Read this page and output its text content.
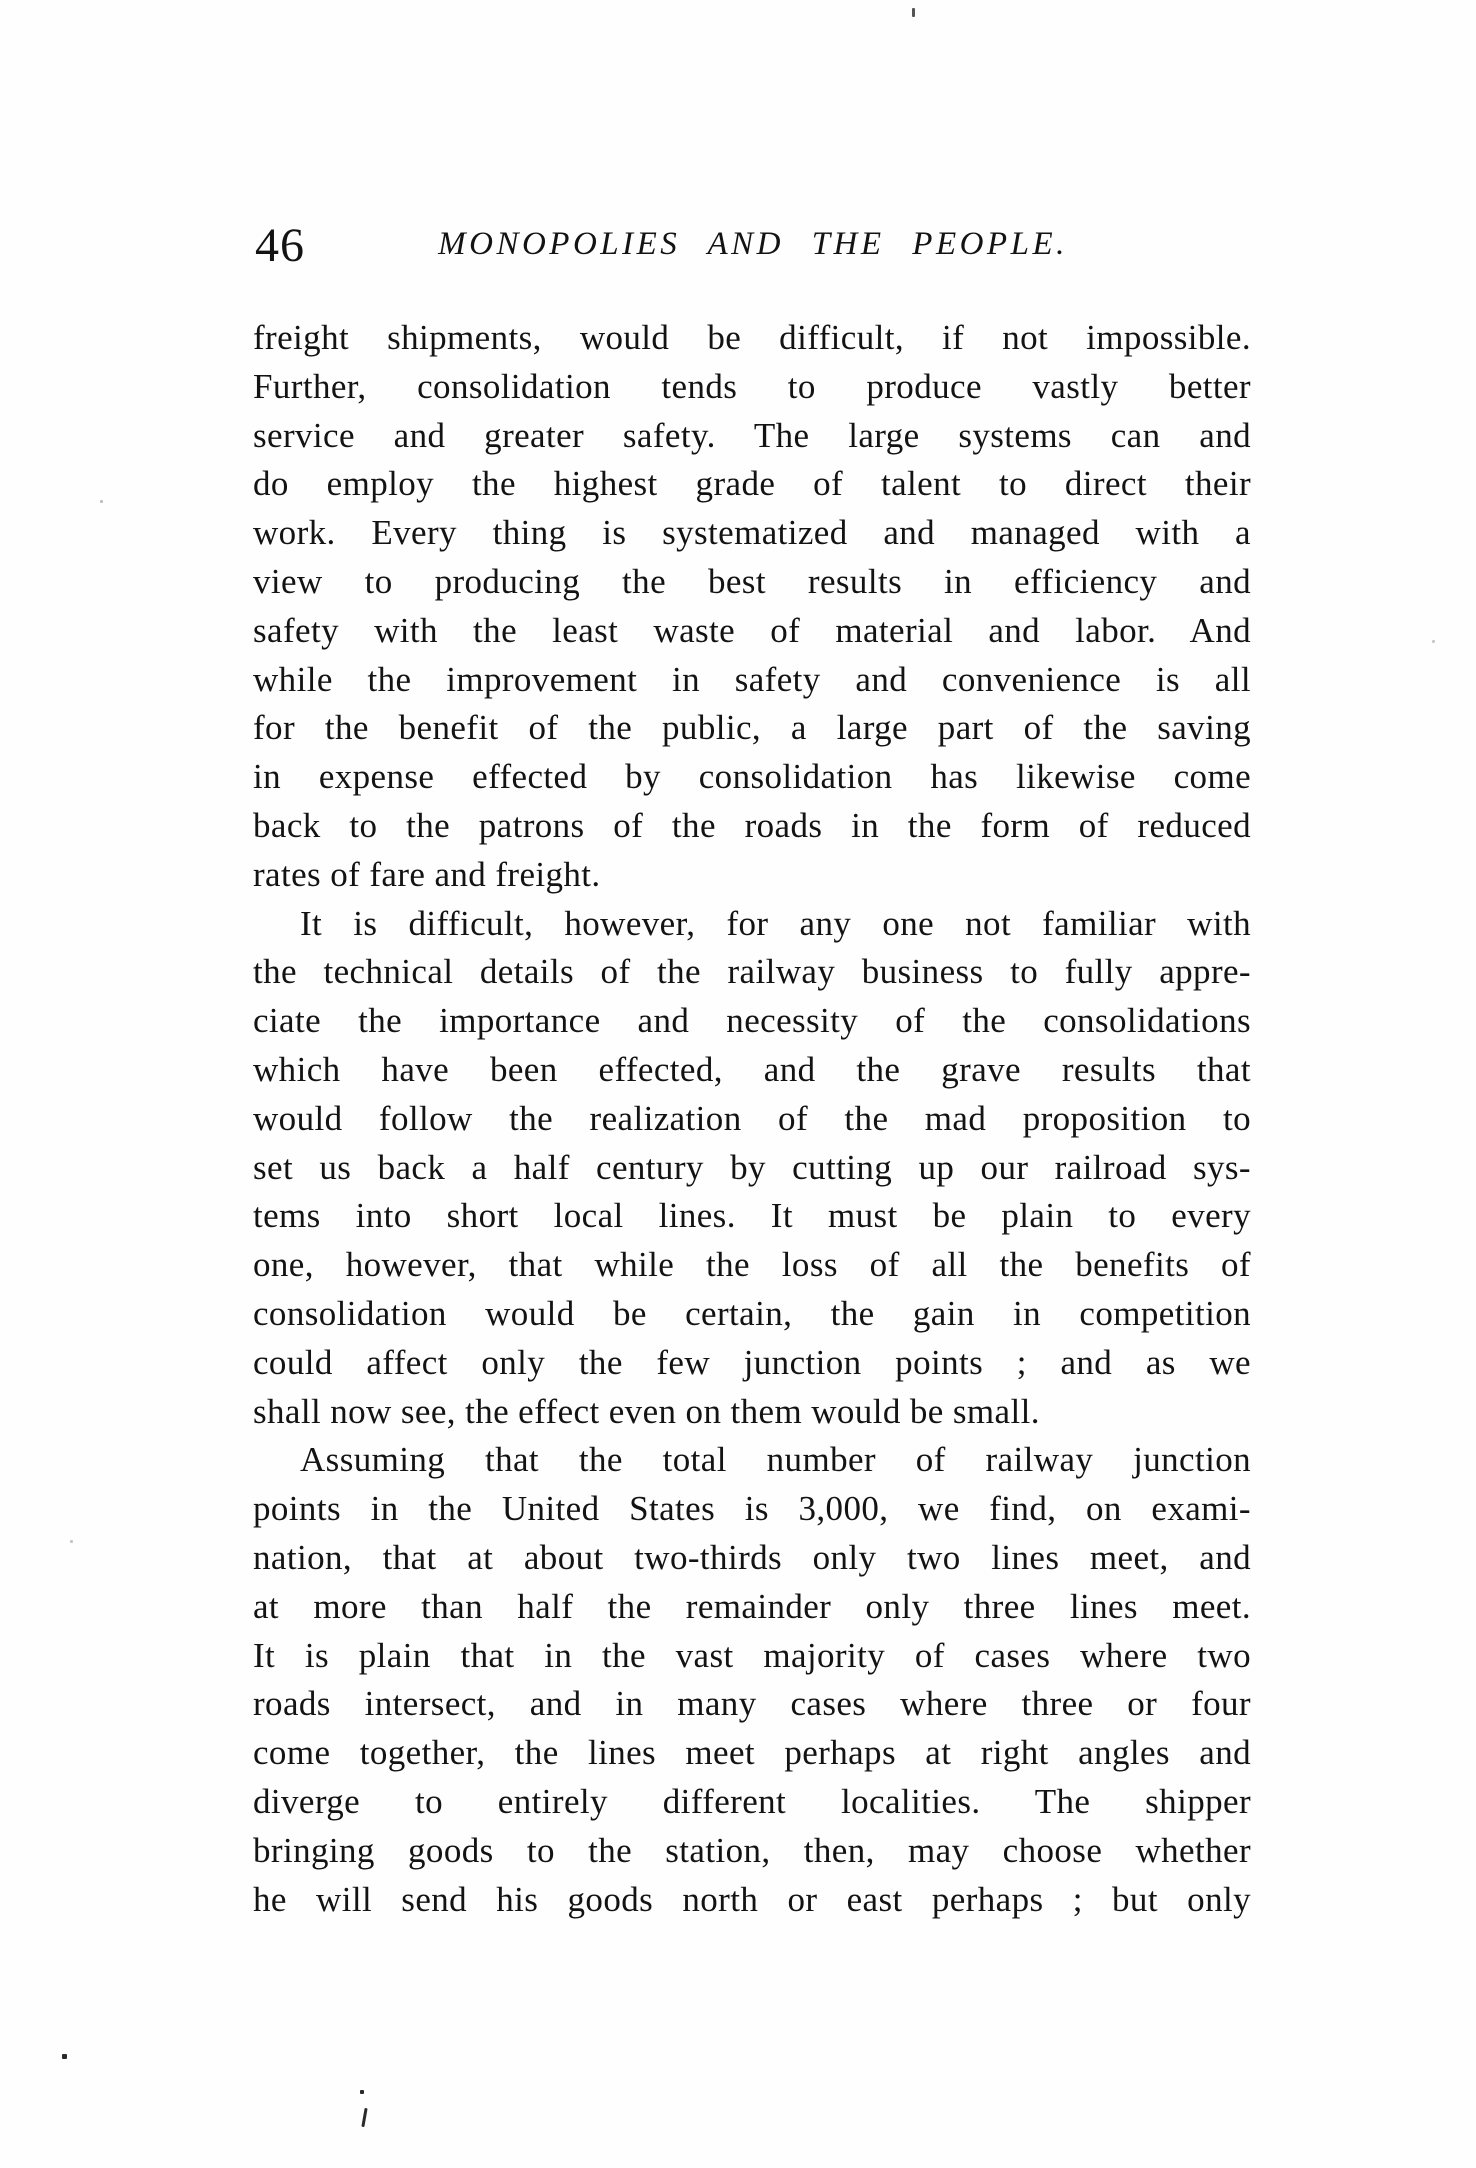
46	MONOPOLIES AND THE PEOPLE.
freight shipments, would be difficult, if not impossible.
Further, consolidation tends to produce vastly better
service and greater safety. The large systems can and
do employ the highest grade of talent to direct their
work. Every thing is systematized and managed with a
view to producing the best results in efficiency and
safety with the least waste of material and labor. And
while the improvement in safety and convenience is all
for the benefit of the public, a large part of the saving
in expense effected by consolidation has likewise come
back to the patrons of the roads in the form of reduced
rates of fare and freight.
It is difficult, however, for any one not familiar with
the technical details of the railway business to fully appre-
ciate the importance and necessity of the consolidations
which have been effected, and the grave results that
would follow the realization of the mad proposition to
set us back a half century by cutting up our railroad sys-
tems into short local lines. It must be plain to every
one, however, that while the loss of all the benefits of
consolidation would be certain, the gain in competition
could affect only the few junction points ; and as we
shall now see, the effect even on them would be small.
Assuming that the total number of railway junction
points in the United States is 3,000, we find, on exami-
nation, that at about two-thirds only two lines meet, and
at more than half the remainder only three lines meet.
It is plain that in the vast majority of cases where two
roads intersect, and in many cases where three or four
come together, the lines meet perhaps at right angles and
diverge to entirely different localities. The shipper
bringing goods to the station, then, may choose whether
he will send his goods north or east perhaps ; but only
